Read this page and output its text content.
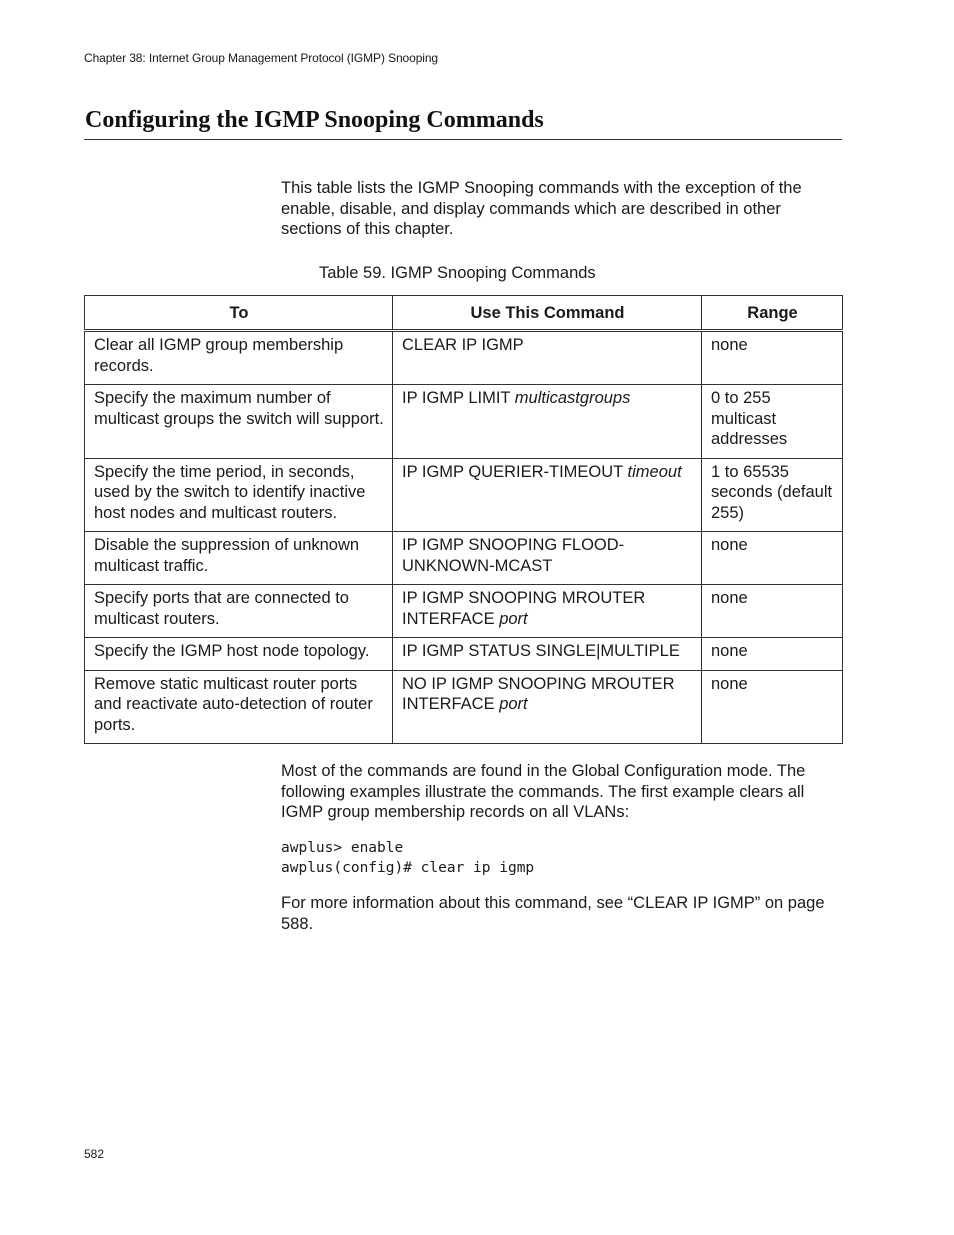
Chapter 38: Internet Group Management Protocol (IGMP) Snooping
Configuring the IGMP Snooping Commands
This table lists the IGMP Snooping commands with the exception of the enable, disable, and display commands which are described in other sections of this chapter.
Table 59. IGMP Snooping Commands
To	Use This Command	Range
Clear all IGMP group membership records.	CLEAR IP IGMP	none
Specify the maximum number of multicast groups the switch will support.	IP IGMP LIMIT multicastgroups	0 to 255 multicast addresses
Specify the time period, in seconds, used by the switch to identify inactive host nodes and multicast routers.	IP IGMP QUERIER-TIMEOUT timeout	1 to 65535 seconds (default 255)
Disable the suppression of unknown multicast traffic.	IP IGMP SNOOPING FLOOD-UNKNOWN-MCAST	none
Specify ports that are connected to multicast routers.	IP IGMP SNOOPING MROUTER INTERFACE port	none
Specify the IGMP host node topology.	IP IGMP STATUS SINGLE|MULTIPLE	none
Remove static multicast router ports and reactivate auto-detection of router ports.	NO IP IGMP SNOOPING MROUTER INTERFACE port	none
Most of the commands are found in the Global Configuration mode. The following examples illustrate the commands. The first example clears all IGMP group membership records on all VLANs:
awplus> enable
awplus(config)# clear ip igmp
For more information about this command, see “CLEAR IP IGMP” on page 588.
582
